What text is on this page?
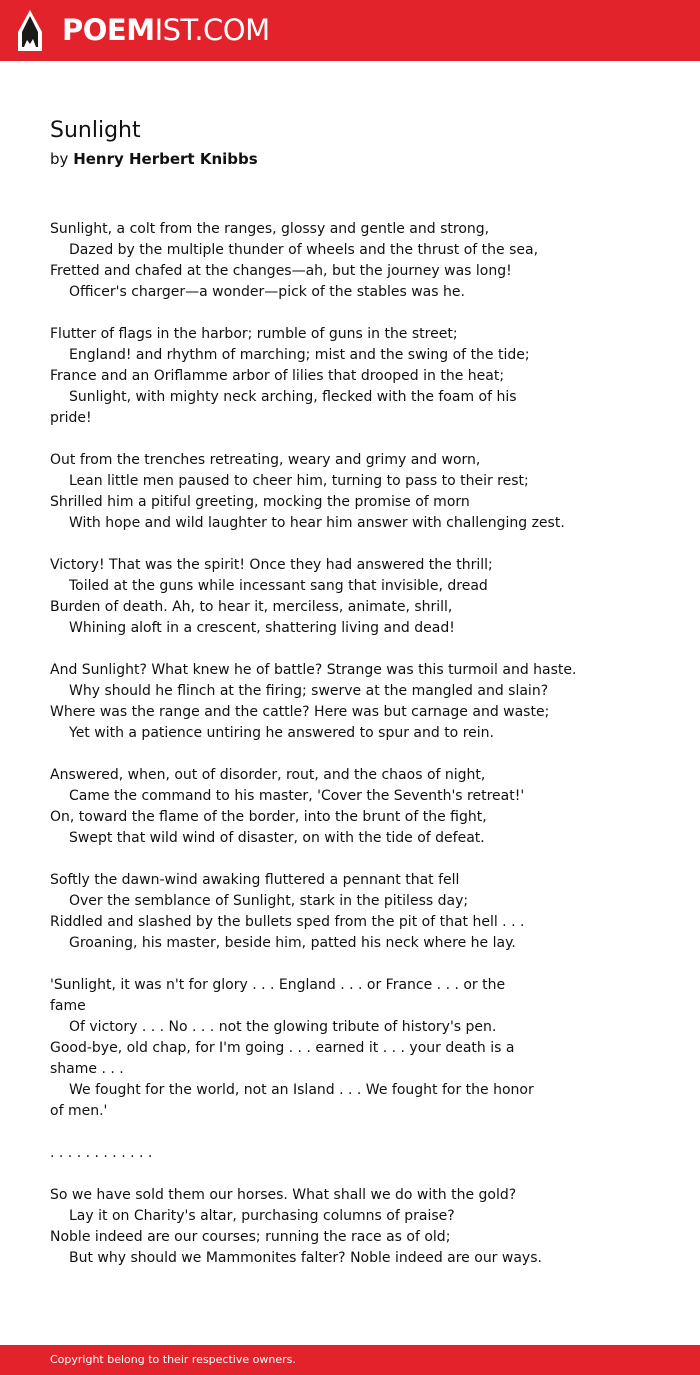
POEMIST.COM
Sunlight
by Henry Herbert Knibbs
Sunlight, a colt from the ranges, glossy and gentle and strong,
Dazed by the multiple thunder of wheels and the thrust of the sea,
Fretted and chafed at the changes—ah, but the journey was long!
Officer's charger—a wonder—pick of the stables was he.
Flutter of flags in the harbor; rumble of guns in the street;
England! and rhythm of marching; mist and the swing of the tide;
France and an Oriflamme arbor of lilies that drooped in the heat;
Sunlight, with mighty neck arching, flecked with the foam of his
pride!
Out from the trenches retreating, weary and grimy and worn,
Lean little men paused to cheer him, turning to pass to their rest;
Shrilled him a pitiful greeting, mocking the promise of morn
With hope and wild laughter to hear him answer with challenging zest.
Victory! That was the spirit! Once they had answered the thrill;
Toiled at the guns while incessant sang that invisible, dread
Burden of death. Ah, to hear it, merciless, animate, shrill,
Whining aloft in a crescent, shattering living and dead!
And Sunlight? What knew he of battle? Strange was this turmoil and haste.
Why should he flinch at the firing; swerve at the mangled and slain?
Where was the range and the cattle? Here was but carnage and waste;
Yet with a patience untiring he answered to spur and to rein.
Answered, when, out of disorder, rout, and the chaos of night,
Came the command to his master, 'Cover the Seventh's retreat!'
On, toward the flame of the border, into the brunt of the fight,
Swept that wild wind of disaster, on with the tide of defeat.
Softly the dawn-wind awaking fluttered a pennant that fell
Over the semblance of Sunlight, stark in the pitiless day;
Riddled and slashed by the bullets sped from the pit of that hell . . .
Groaning, his master, beside him, patted his neck where he lay.
'Sunlight, it was n't for glory . . . England . . . or France . . . or the
fame
Of victory . . . No . . . not the glowing tribute of history's pen.
Good-bye, old chap, for I'm going . . . earned it . . . your death is a
shame . . .
We fought for the world, not an Island . . . We fought for the honor
of men.'
. . . . . . . . . . . .
So we have sold them our horses. What shall we do with the gold?
Lay it on Charity's altar, purchasing columns of praise?
Noble indeed are our courses; running the race as of old;
But why should we Mammonites falter? Noble indeed are our ways.
Copyright belong to their respective owners.
